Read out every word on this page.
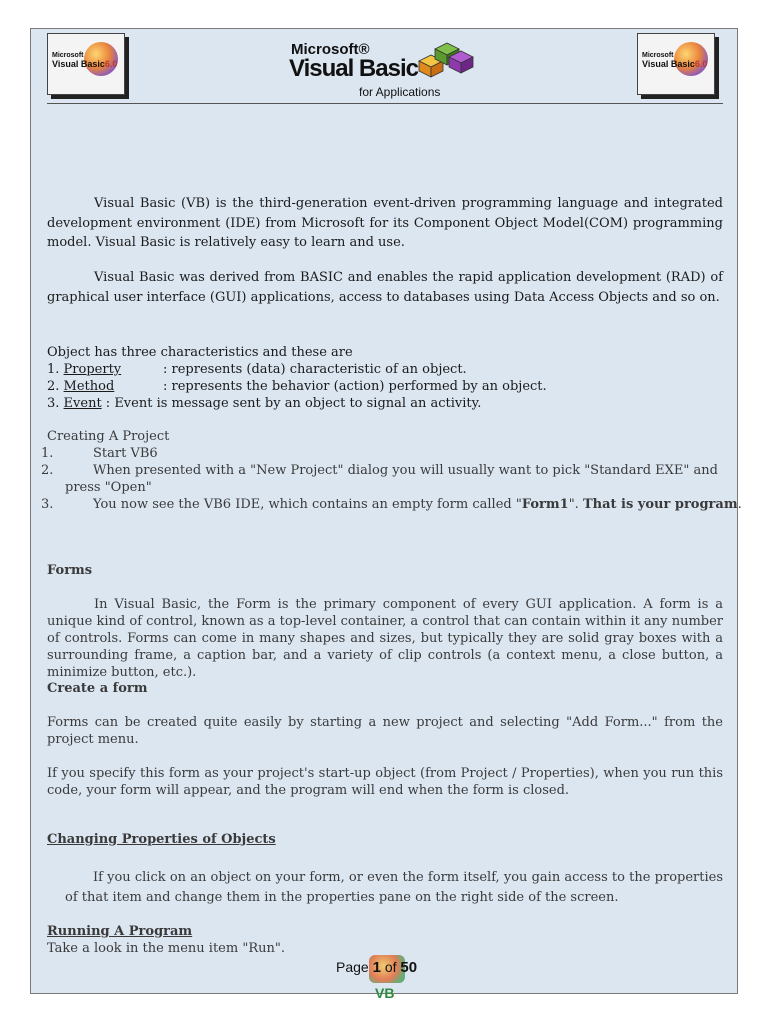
Microsoft
Visual Basic6.0
Microsoft®
Visual Basic
for Applications
Microsoft
Visual Basic6.0

Visual Basic (VB) is the third-generation event-driven programming language and integrated development environment (IDE) from Microsoft for its Component Object Model(COM) programming model. Visual Basic is relatively easy to learn and use.

Visual Basic was derived from BASIC and enables the rapid application development (RAD) of graphical user interface (GUI) applications, access to databases using Data Access Objects and so on.

Object has three characteristics and these are
1. Property	: represents (data) characteristic of an object.
2. Method	: represents the behavior (action) performed by an object.
3. Event : Event is message sent by an object to signal an activity.
Creating A Project
1.	Start VB6
2.	When presented with a "New Project" dialog you will usually want to pick "Standard EXE" and
press "Open"
3.	You now see the VB6 IDE, which contains an empty form called "Form1". That is your program.
Forms

In Visual Basic, the Form is the primary component of every GUI application. A form is a unique kind of control, known as a top-level container, a control that can contain within it any number of controls. Forms can come in many shapes and sizes, but typically they are solid gray boxes with a surrounding frame, a caption bar, and a variety of clip controls (a context menu, a close button, a minimize button, etc.).

Create a form

Forms can be created quite easily by starting a new project and selecting "Add Form..." from the project menu.

If you specify this form as your project's start-up object (from Project / Properties), when you run this code, your form will appear, and the program will end when the form is closed.

Changing Properties of Objects

If you click on an object on your form, or even the form itself, you gain access to the properties of that item and change them in the properties pane on the right side of the screen.

Running A Program
Take a look in the menu item "Run".
VB
Page 1 of 50
